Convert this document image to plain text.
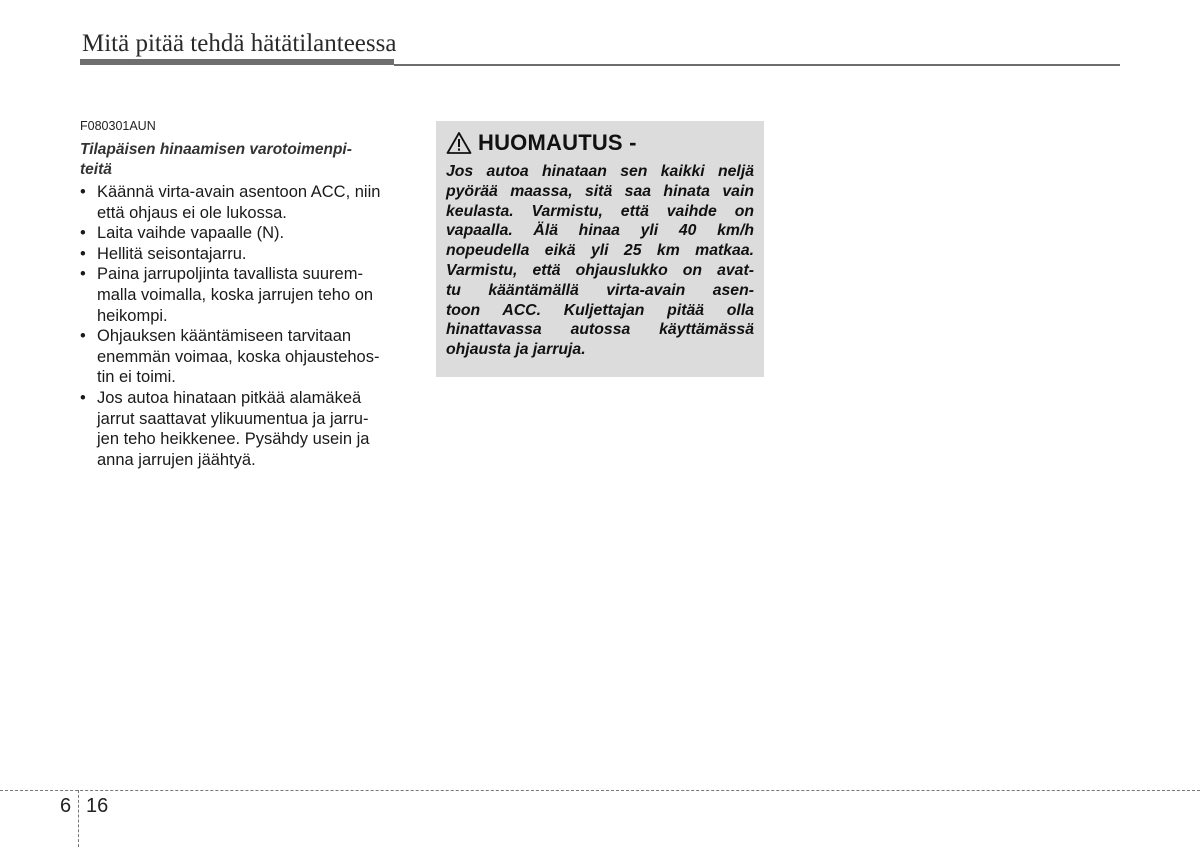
Mitä pitää tehdä hätätilanteessa
F080301AUN
Tilapäisen hinaamisen varotoimenpi-
teitä
• Käännä virta-avain asentoon ACC, niin
että ohjaus ei ole lukossa.
• Laita vaihde vapaalle (N).
• Hellitä seisontajarru.
• Paina jarrupoljinta tavallista suurem-
malla voimalla, koska jarrujen teho on
heikompi.
• Ohjauksen kääntämiseen tarvitaan
enemmän voimaa, koska ohjaustehos-
tin ei toimi.
• Jos autoa hinataan pitkää alamäkeä
jarrut saattavat ylikuumentua ja jarru-
jen teho heikkenee. Pysähdy usein ja
anna jarrujen jäähtyä.
HUOMAUTUS -
Jos autoa hinataan sen kaikki neljä
pyörää maassa, sitä saa hinata vain
keulasta. Varmistu, että vaihde on
vapaalla. Älä hinaa yli 40 km/h
nopeudella eikä yli 25 km matkaa.
Varmistu, että ohjauslukko on avat-
tu kääntämällä virta-avain asen-
toon ACC. Kuljettajan pitää olla
hinattavassa autossa käyttämässä
ohjausta ja jarruja.
6 16
